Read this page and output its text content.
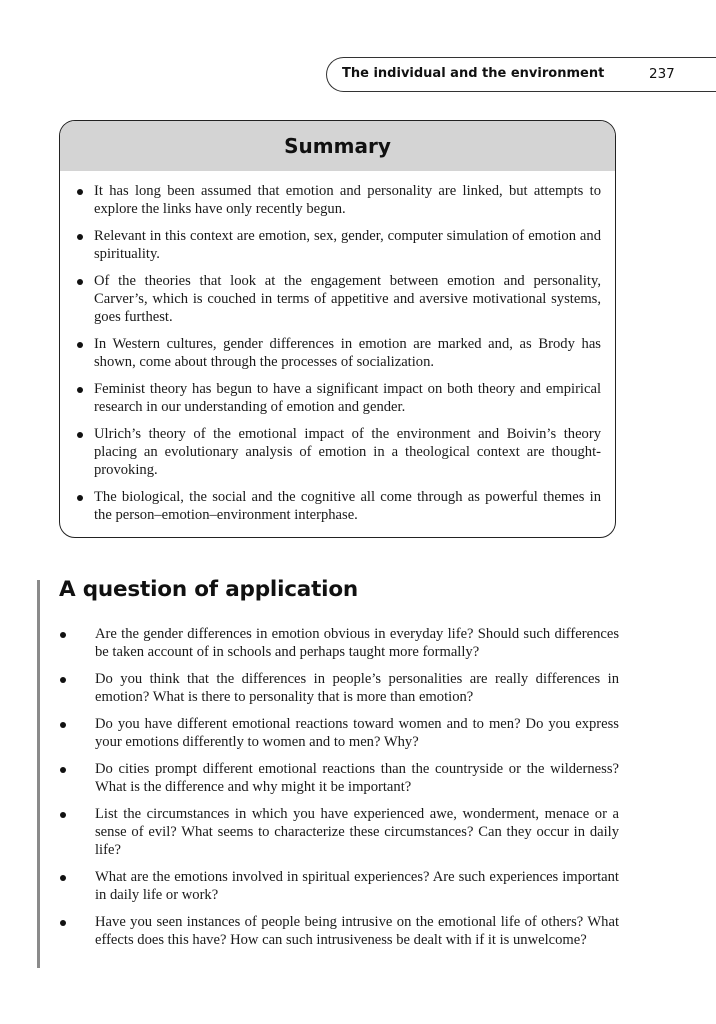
The individual and the environment	237
Summary
It has long been assumed that emotion and personality are linked, but attempts to explore the links have only recently begun.
Relevant in this context are emotion, sex, gender, computer simulation of emotion and spirituality.
Of the theories that look at the engagement between emotion and personality, Carver’s, which is couched in terms of appetitive and aversive motivational systems, goes furthest.
In Western cultures, gender differences in emotion are marked and, as Brody has shown, come about through the processes of socialization.
Feminist theory has begun to have a significant impact on both theory and empirical research in our understanding of emotion and gender.
Ulrich’s theory of the emotional impact of the environment and Boivin’s theory placing an evolutionary analysis of emotion in a theological context are thought-provoking.
The biological, the social and the cognitive all come through as powerful themes in the person–emotion–environment interphase.
A question of application
Are the gender differences in emotion obvious in everyday life? Should such differences be taken account of in schools and perhaps taught more formally?
Do you think that the differences in people’s personalities are really differences in emotion? What is there to personality that is more than emotion?
Do you have different emotional reactions toward women and to men? Do you express your emotions differently to women and to men? Why?
Do cities prompt different emotional reactions than the countryside or the wilderness? What is the difference and why might it be important?
List the circumstances in which you have experienced awe, wonderment, menace or a sense of evil? What seems to characterize these circumstances? Can they occur in daily life?
What are the emotions involved in spiritual experiences? Are such experiences important in daily life or work?
Have you seen instances of people being intrusive on the emotional life of others? What effects does this have? How can such intrusiveness be dealt with if it is unwelcome?
